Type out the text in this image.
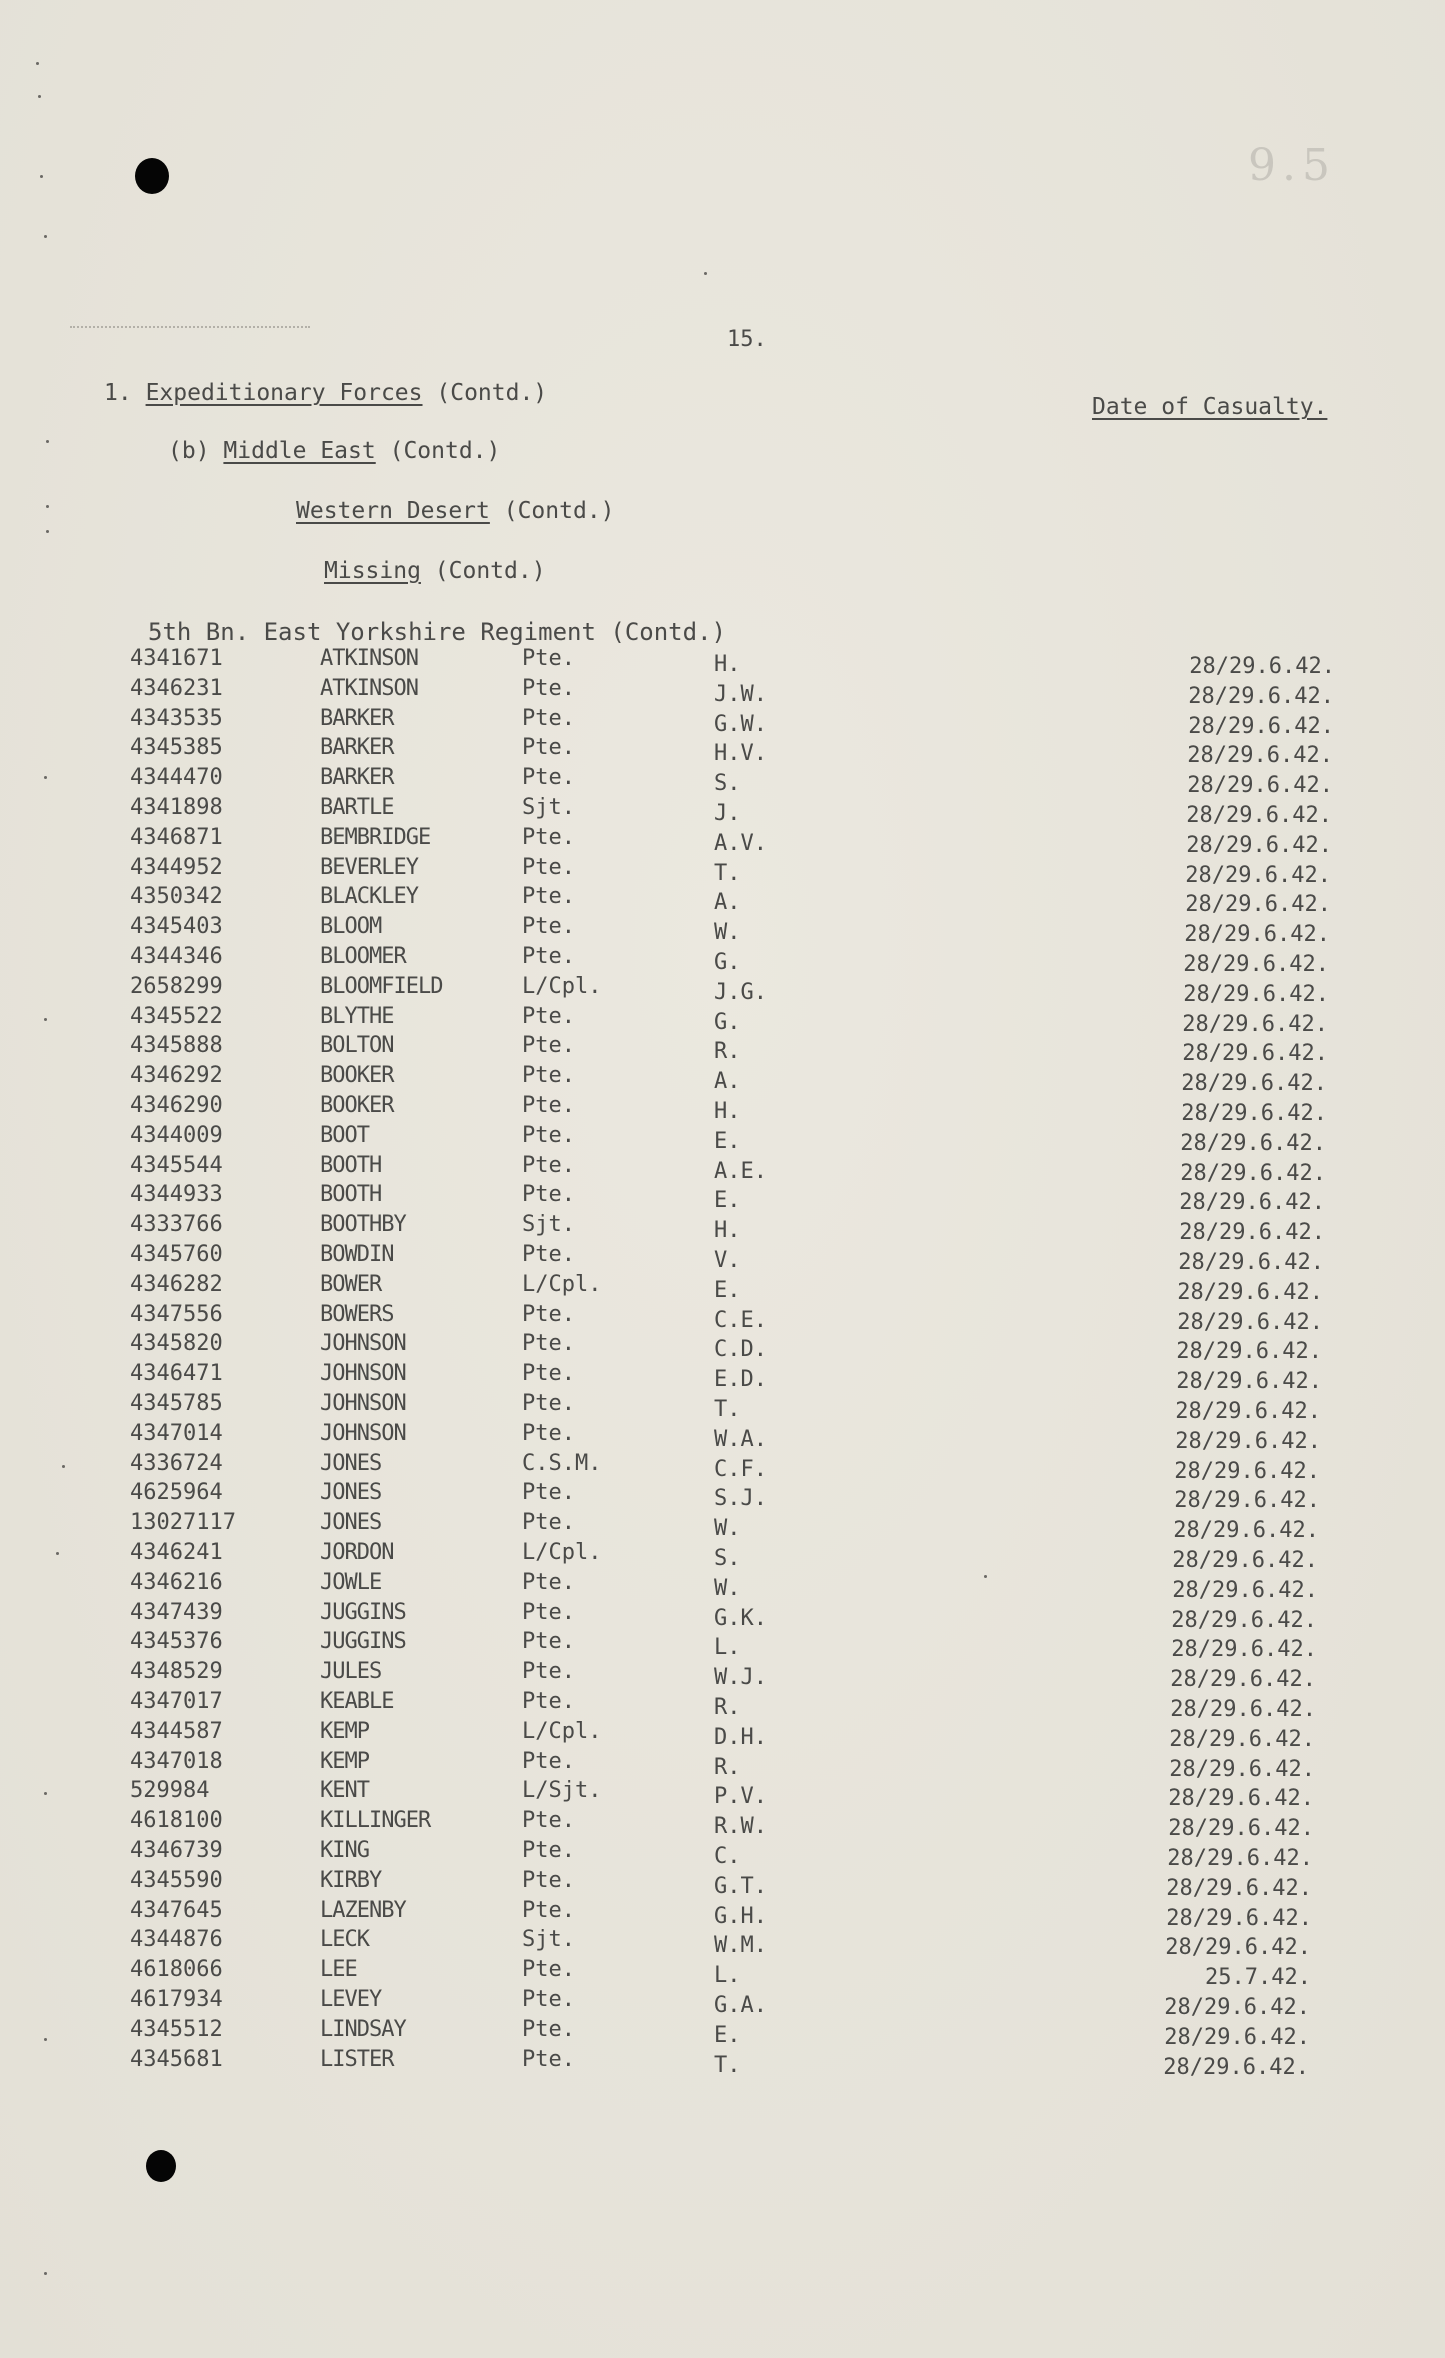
9.5
15.
1. Expeditionary Forces (Contd.)
(b) Middle East (Contd.)
Western Desert (Contd.)
Missing (Contd.)
5th Bn. East Yorkshire Regiment (Contd.)
Date of Casualty.
4341671	ATKINSON	Pte.	H.	28/29.6.42.
4346231	ATKINSON	Pte.	J.W.	28/29.6.42.
4343535	BARKER	Pte.	G.W.	28/29.6.42.
4345385	BARKER	Pte.	H.V.	28/29.6.42.
4344470	BARKER	Pte.	S.	28/29.6.42.
4341898	BARTLE	Sjt.	J.	28/29.6.42.
4346871	BEMBRIDGE	Pte.	A.V.	28/29.6.42.
4344952	BEVERLEY	Pte.	T.	28/29.6.42.
4350342	BLACKLEY	Pte.	A.	28/29.6.42.
4345403	BLOOM	Pte.	W.	28/29.6.42.
4344346	BLOOMER	Pte.	G.	28/29.6.42.
2658299	BLOOMFIELD	L/Cpl.	J.G.	28/29.6.42.
4345522	BLYTHE	Pte.	G.	28/29.6.42.
4345888	BOLTON	Pte.	R.	28/29.6.42.
4346292	BOOKER	Pte.	A.	28/29.6.42.
4346290	BOOKER	Pte.	H.	28/29.6.42.
4344009	BOOT	Pte.	E.	28/29.6.42.
4345544	BOOTH	Pte.	A.E.	28/29.6.42.
4344933	BOOTH	Pte.	E.	28/29.6.42.
4333766	BOOTHBY	Sjt.	H.	28/29.6.42.
4345760	BOWDIN	Pte.	V.	28/29.6.42.
4346282	BOWER	L/Cpl.	E.	28/29.6.42.
4347556	BOWERS	Pte.	C.E.	28/29.6.42.
4345820	JOHNSON	Pte.	C.D.	28/29.6.42.
4346471	JOHNSON	Pte.	E.D.	28/29.6.42.
4345785	JOHNSON	Pte.	T.	28/29.6.42.
4347014	JOHNSON	Pte.	W.A.	28/29.6.42.
4336724	JONES	C.S.M.	C.F.	28/29.6.42.
4625964	JONES	Pte.	S.J.	28/29.6.42.
13027117	JONES	Pte.	W.	28/29.6.42.
4346241	JORDON	L/Cpl.	S.	28/29.6.42.
4346216	JOWLE	Pte.	W.	28/29.6.42.
4347439	JUGGINS	Pte.	G.K.	28/29.6.42.
4345376	JUGGINS	Pte.	L.	28/29.6.42.
4348529	JULES	Pte.	W.J.	28/29.6.42.
4347017	KEABLE	Pte.	R.	28/29.6.42.
4344587	KEMP	L/Cpl.	D.H.	28/29.6.42.
4347018	KEMP	Pte.	R.	28/29.6.42.
529984	KENT	L/Sjt.	P.V.	28/29.6.42.
4618100	KILLINGER	Pte.	R.W.	28/29.6.42.
4346739	KING	Pte.	C.	28/29.6.42.
4345590	KIRBY	Pte.	G.T.	28/29.6.42.
4347645	LAZENBY	Pte.	G.H.	28/29.6.42.
4344876	LECK	Sjt.	W.M.	28/29.6.42.
4618066	LEE	Pte.	L.	25.7.42.
4617934	LEVEY	Pte.	G.A.	28/29.6.42.
4345512	LINDSAY	Pte.	E.	28/29.6.42.
4345681	LISTER	Pte.	T.	28/29.6.42.
